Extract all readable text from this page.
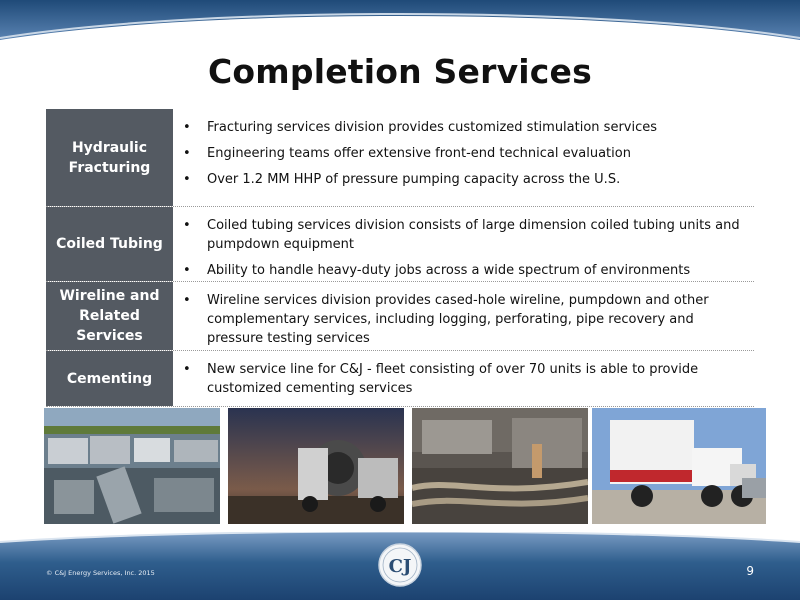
Completion Services
Hydraulic Fracturing
• Fracturing services division provides customized stimulation services
• Engineering teams offer extensive front-end technical evaluation
• Over 1.2 MM HHP of pressure pumping capacity across the U.S.
Coiled Tubing
• Coiled tubing services division consists of large dimension coiled tubing units and pumpdown equipment
• Ability to handle heavy-duty jobs across a wide spectrum of environments
Wireline and Related Services
• Wireline services division provides cased-hole wireline, pumpdown and other complementary services, including logging, perforating, pipe recovery and pressure testing services
Cementing
• New service line for C&J - fleet consisting of over 70 units is able to provide customized cementing services
CJ
© C&J Energy Services, Inc. 2015	9
